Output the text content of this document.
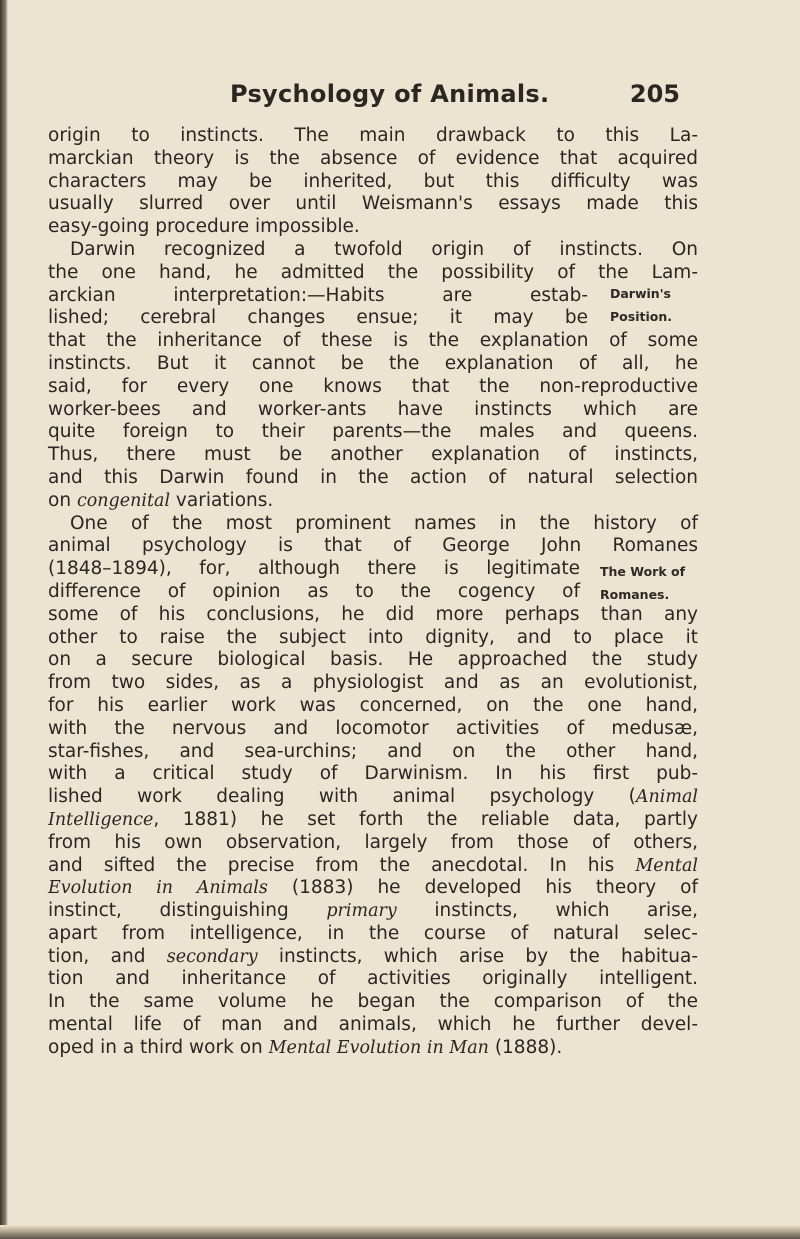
Psychology of Animals.	205
origin to instincts. The main drawback to this La-
marckian theory is the absence of evidence that acquired
characters may be inherited, but this difficulty was
usually slurred over until Weismann's essays made this
easy-going procedure impossible.
Darwin recognized a twofold origin of instincts. On
the one hand, he admitted the possibility of the Lam-
arckian interpretation:—Habits are estab-
lished; cerebral changes ensue; it may be
that the inheritance of these is the explanation of some
instincts. But it cannot be the explanation of all, he
said, for every one knows that the non-reproductive
worker-bees and worker-ants have instincts which are
quite foreign to their parents—the males and queens.
Thus, there must be another explanation of instincts,
and this Darwin found in the action of natural selection
on congenital variations.
One of the most prominent names in the history of
animal psychology is that of George John Romanes
(1848–1894), for, although there is legitimate
difference of opinion as to the cogency of
some of his conclusions, he did more perhaps than any
other to raise the subject into dignity, and to place it
on a secure biological basis. He approached the study
from two sides, as a physiologist and as an evolutionist,
for his earlier work was concerned, on the one hand,
with the nervous and locomotor activities of medusæ,
star-fishes, and sea-urchins; and on the other hand,
with a critical study of Darwinism. In his first pub-
lished work dealing with animal psychology (Animal
Intelligence, 1881) he set forth the reliable data, partly
from his own observation, largely from those of others,
and sifted the precise from the anecdotal. In his Mental
Evolution in Animals (1883) he developed his theory of
instinct, distinguishing primary instincts, which arise,
apart from intelligence, in the course of natural selec-
tion, and secondary instincts, which arise by the habitua-
tion and inheritance of activities originally intelligent.
In the same volume he began the comparison of the
mental life of man and animals, which he further devel-
oped in a third work on Mental Evolution in Man (1888).
Darwin's
Position.
The Work of
Romanes.
